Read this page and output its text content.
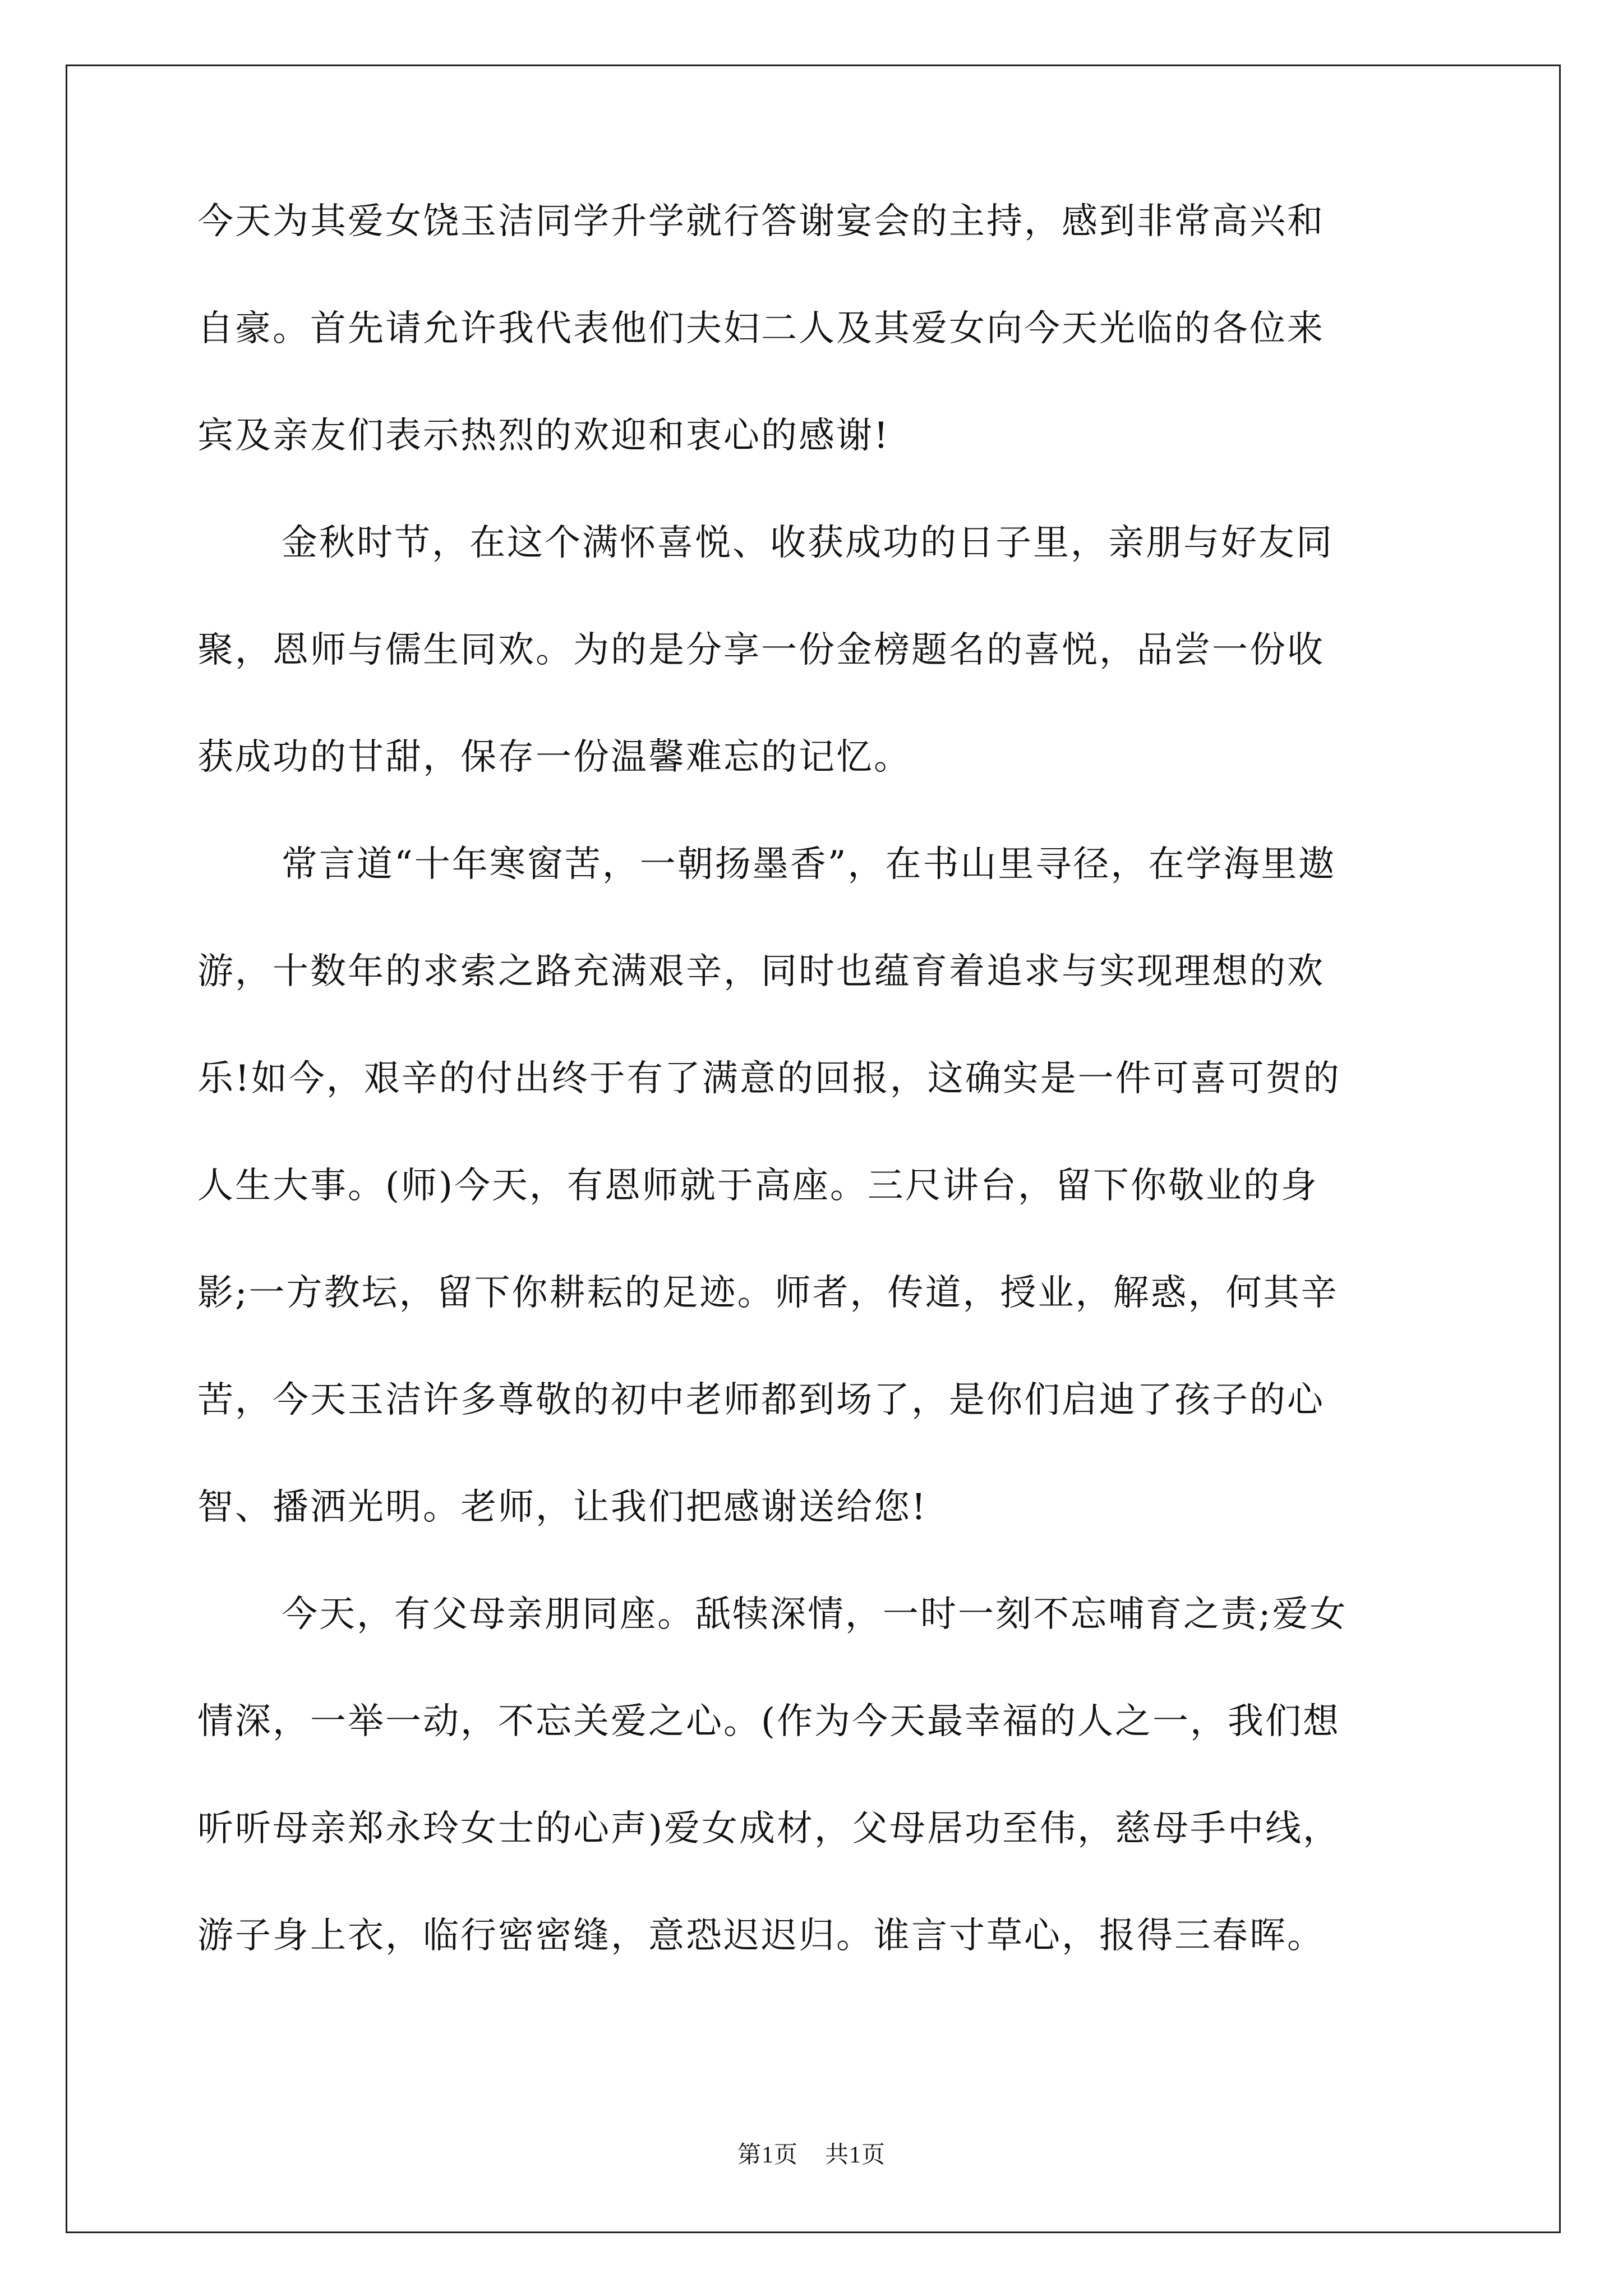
今天为其爱女饶玉洁同学升学就行答谢宴会的主持，感到非常高兴和
自豪。首先请允许我代表他们夫妇二人及其爱女向今天光临的各位来
宾及亲友们表示热烈的欢迎和衷心的感谢!
金秋时节，在这个满怀喜悦、收获成功的日子里，亲朋与好友同
聚，恩师与儒生同欢。为的是分享一份金榜题名的喜悦，品尝一份收
获成功的甘甜，保存一份温馨难忘的记忆。
常言道“十年寒窗苦，一朝扬墨香”，在书山里寻径，在学海里遨
游，十数年的求索之路充满艰辛，同时也蕴育着追求与实现理想的欢
乐!如今，艰辛的付出终于有了满意的回报，这确实是一件可喜可贺的
人生大事。(师)今天，有恩师就于高座。三尺讲台，留下你敬业的身
影;一方教坛，留下你耕耘的足迹。师者，传道，授业，解惑，何其辛
苦，今天玉洁许多尊敬的初中老师都到场了，是你们启迪了孩子的心
智、播洒光明。老师，让我们把感谢送给您!
今天，有父母亲朋同座。舐犊深情，一时一刻不忘哺育之责;爱女
情深，一举一动，不忘关爱之心。(作为今天最幸福的人之一，我们想
听听母亲郑永玲女士的心声)爱女成材，父母居功至伟，慈母手中线，
游子身上衣，临行密密缝，意恐迟迟归。谁言寸草心，报得三春晖。
第1页 共1页
